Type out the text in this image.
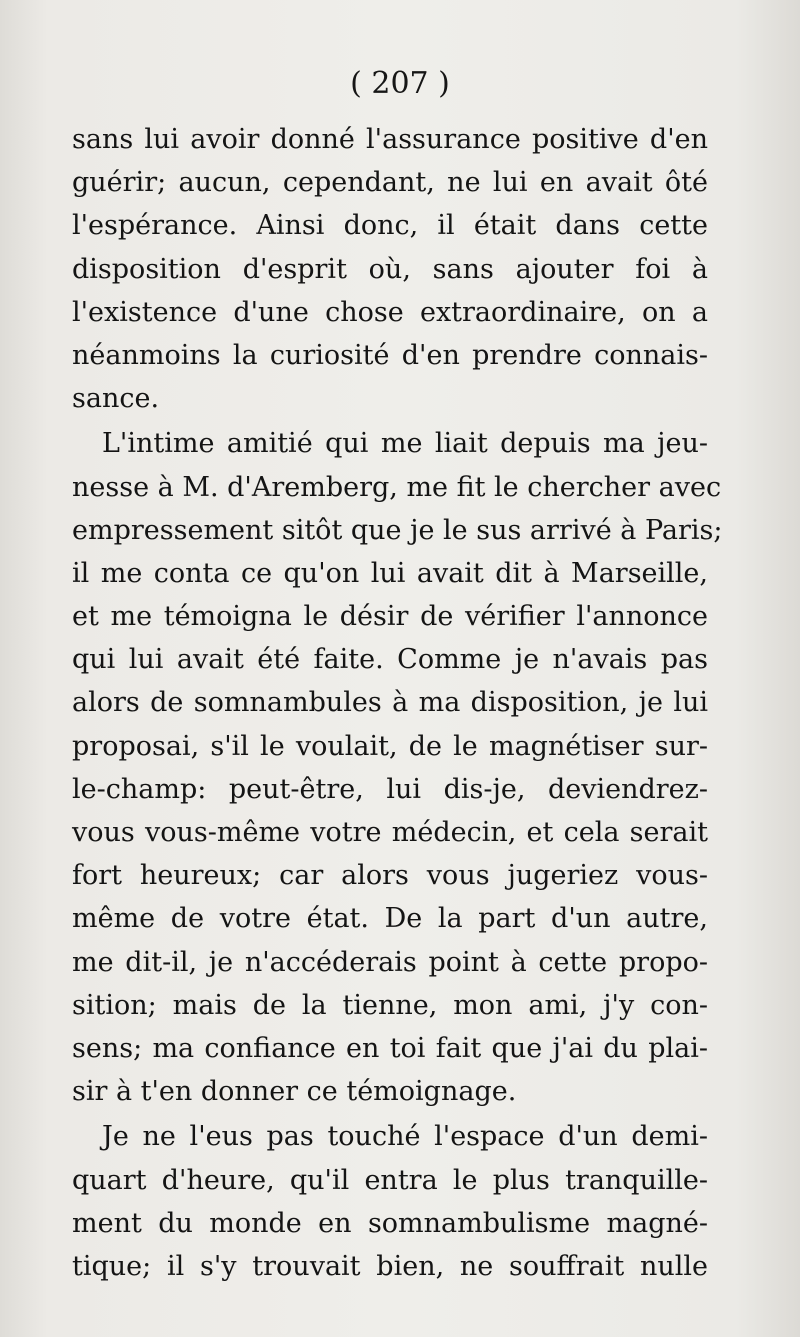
( 207 )
sans lui avoir donné l'assurance positive d'en
guérir; aucun, cependant, ne lui en avait ôté
l'espérance. Ainsi donc, il était dans cette
disposition d'esprit où, sans ajouter foi à
l'existence d'une chose extraordinaire, on a
néanmoins la curiosité d'en prendre connais-
sance.
L'intime amitié qui me liait depuis ma jeu-
nesse à M. d'Aremberg, me fit le chercher avec
empressement sitôt que je le sus arrivé à Paris;
il me conta ce qu'on lui avait dit à Marseille,
et me témoigna le désir de vérifier l'annonce
qui lui avait été faite. Comme je n'avais pas
alors de somnambules à ma disposition, je lui
proposai, s'il le voulait, de le magnétiser sur-
le-champ: peut-être, lui dis-je, deviendrez-
vous vous-même votre médecin, et cela serait
fort heureux; car alors vous jugeriez vous-
même de votre état. De la part d'un autre,
me dit-il, je n'accéderais point à cette propo-
sition; mais de la tienne, mon ami, j'y con-
sens; ma confiance en toi fait que j'ai du plai-
sir à t'en donner ce témoignage.
Je ne l'eus pas touché l'espace d'un demi-
quart d'heure, qu'il entra le plus tranquille-
ment du monde en somnambulisme magné-
tique; il s'y trouvait bien, ne souffrait nulle
